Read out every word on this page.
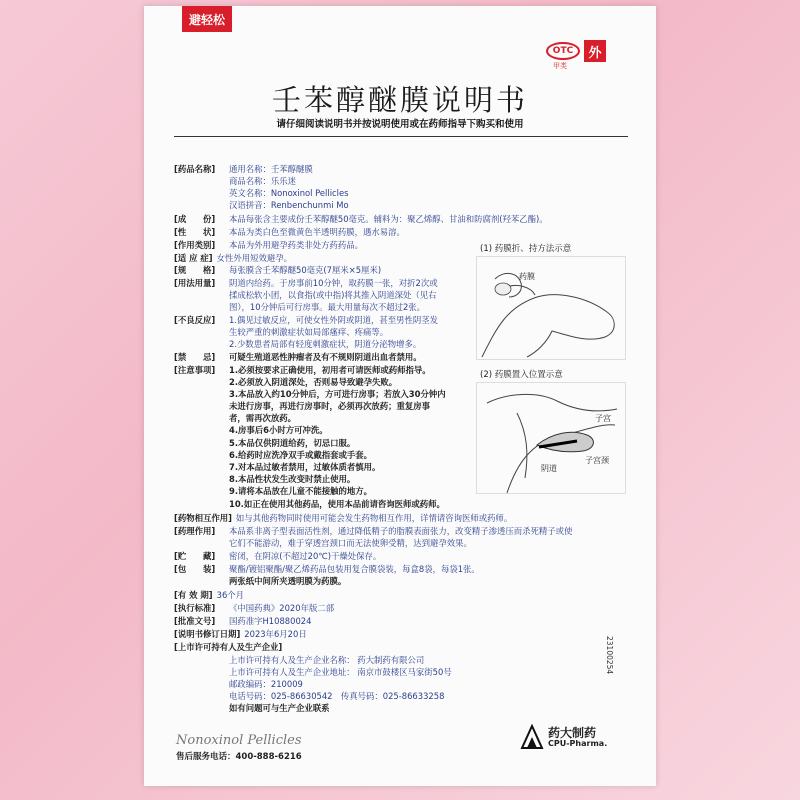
避轻松
OTC
甲类
外
壬苯醇醚膜说明书
请仔细阅读说明书并按说明使用或在药师指导下购买和使用
[药品名称] 通用名称：壬苯醇醚膜
商品名称：乐乐迷
英文名称：Nonoxinol Pellicles
汉语拼音：Renbenchunmi Mo
[成　　份] 本品每张含主要成份壬苯醇醚50毫克。辅料为：聚乙烯醇、甘油和防腐剂(羟苯乙酯)。
[性　　状] 本品为类白色至微黄色半透明药膜，遇水易溶。
[作用类别] 本品为外用避孕药类非处方药药品。
[适 应 症] 女性外用短效避孕。
[规　　格] 每张膜含壬苯醇醚50毫克(7厘米×5厘米)
[用法用量] 阴道内给药。于房事前10分钟，取药膜一张，对折2次或
揉成松软小团，以食指(或中指)将其推入阴道深处（见右
图），10分钟后可行房事。最大用量每次不超过2张。
[不良反应] 1.偶见过敏反应，可使女性外阴或阴道，甚至男性阴茎发
生较严重的刺激症状如局部瘙痒、疼痛等。
2.少数患者局部有轻度刺激症状，阴道分泌物增多。
[禁　　忌] 可疑生殖道恶性肿瘤者及有不规则阴道出血者禁用。
[注意事项] 1.必须按要求正确使用，初用者可请医师或药师指导。
2.必须放入阴道深处，否则易导致避孕失败。
3.本品放入约10分钟后，方可进行房事；若放入30分钟内
未进行房事，再进行房事时，必须再次放药；重复房事
者，需再次放药。
4.房事后6小时方可冲洗。
5.本品仅供阴道给药，切忌口服。
6.给药时应洗净双手或戴指套或手套。
7.对本品过敏者禁用，过敏体质者慎用。
8.本品性状发生改变时禁止使用。
9.请将本品放在儿童不能接触的地方。
10.如正在使用其他药品，使用本品前请咨询医师或药师。
[药物相互作用] 如与其他药物同时使用可能会发生药物相互作用，详情请咨询医师或药师。
[药理作用] 本品系非离子型表面活性剂，通过降低精子的脂膜表面张力，改变精子渗透压而杀死精子或使
它们不能游动，难于穿透宫颈口而无法使卵受精，达到避孕效果。
[贮　　藏] 密闭，在阴凉(不超过20℃)干燥处保存。
[包　　装] 聚酯/镀铝聚酯/聚乙烯药品包装用复合膜袋装，每盒8袋，每袋1张。
两张纸中间所夹透明膜为药膜。
[有 效 期] 36个月
[执行标准] 《中国药典》2020年版二部
[批准文号] 国药准字H10880024
[说明书修订日期] 2023年6月20日
[上市许可持有人及生产企业]
上市许可持有人及生产企业名称： 药大制药有限公司
上市许可持有人及生产企业地址： 南京市鼓楼区马家街50号
邮政编码：210009
电话号码：025-86630542　传真号码：025-86633258
如有问题可与生产企业联系
(1) 药膜折、持方法示意
药膜
(2) 药膜置入位置示意
子宫
子宫颈
阴道
23100254
Nonoxinol Pellicles
售后服务电话：400-888-6216
药大制药
CPU-Pharma.
